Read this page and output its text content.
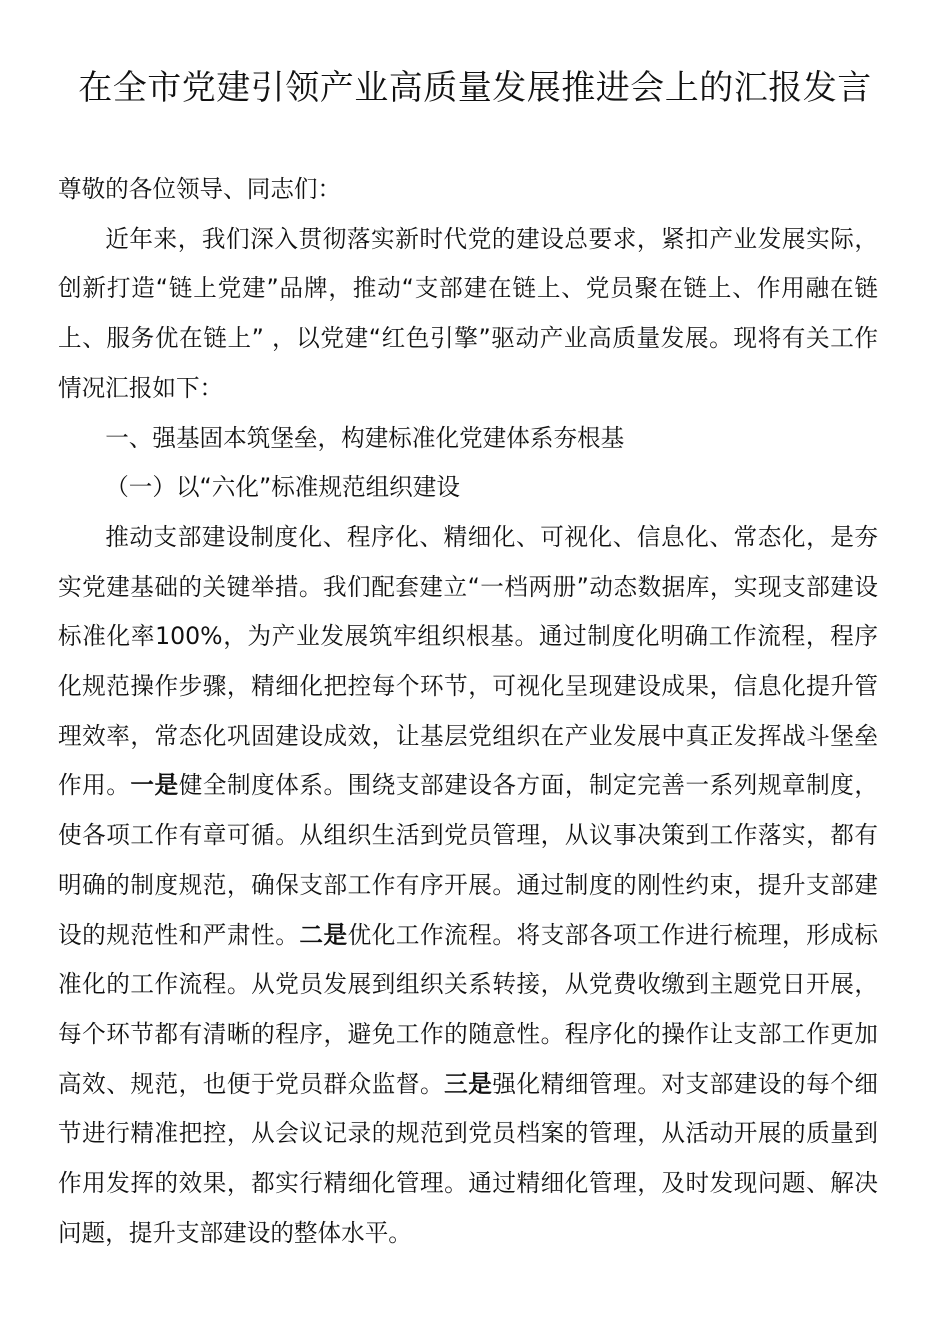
在全市党建引领产业高质量发展推进会上的汇报发言

尊敬的各位领导、同志们：

近年来，我们深入贯彻落实新时代党的建设总要求，紧扣产业发展实际，创新打造“链上党建”品牌，推动“支部建在链上、党员聚在链上、作用融在链上、服务优在链上” ，以党建“红色引擎”驱动产业高质量发展。现将有关工作情况汇报如下：

一、强基固本筑堡垒，构建标准化党建体系夯根基

（一）以“六化”标准规范组织建设

推动支部建设制度化、程序化、精细化、可视化、信息化、常态化，是夯实党建基础的关键举措。我们配套建立“一档两册”动态数据库，实现支部建设标准化率100%，为产业发展筑牢组织根基。通过制度化明确工作流程，程序化规范操作步骤，精细化把控每个环节，可视化呈现建设成果，信息化提升管理效率，常态化巩固建设成效，让基层党组织在产业发展中真正发挥战斗堡垒作用。一是健全制度体系。围绕支部建设各方面，制定完善一系列规章制度，使各项工作有章可循。从组织生活到党员管理，从议事决策到工作落实，都有明确的制度规范，确保支部工作有序开展。通过制度的刚性约束，提升支部建设的规范性和严肃性。二是优化工作流程。将支部各项工作进行梳理，形成标准化的工作流程。从党员发展到组织关系转接，从党费收缴到主题党日开展，每个环节都有清晰的程序，避免工作的随意性。程序化的操作让支部工作更加高效、规范，也便于党员群众监督。三是强化精细管理。对支部建设的每个细节进行精准把控，从会议记录的规范到党员档案的管理，从活动开展的质量到作用发挥的效果，都实行精细化管理。通过精细化管理，及时发现问题、解决问题，提升支部建设的整体水平。
